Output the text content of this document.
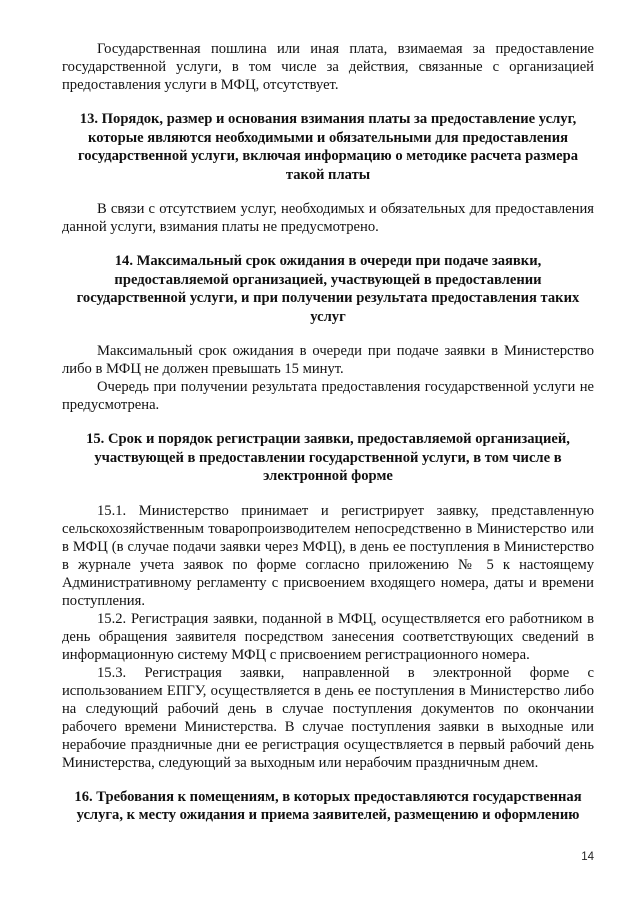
Государственная пошлина или иная плата, взимаемая за предоставление государственной услуги, в том числе за действия, связанные с организацией предоставления услуги в МФЦ, отсутствует.

13. Порядок, размер и основания взимания платы за предоставление услуг, которые являются необходимыми и обязательными для предоставления государственной услуги, включая информацию о методике расчета размера такой платы

В связи с отсутствием услуг, необходимых и обязательных для предоставления данной услуги, взимания платы не предусмотрено.

14. Максимальный срок ожидания в очереди при подаче заявки, предоставляемой организацией, участвующей в предоставлении государственной услуги, и при получении результата предоставления таких услуг

Максимальный срок ожидания в очереди при подаче заявки в Министерство либо в МФЦ не должен превышать 15 минут.

Очередь при получении результата предоставления государственной услуги не предусмотрена.

15. Срок и порядок регистрации заявки, предоставляемой организацией, участвующей в предоставлении государственной услуги, в том числе в электронной форме

15.1. Министерство принимает и регистрирует заявку, представленную сельскохозяйственным товаропроизводителем непосредственно в Министерство или в МФЦ (в случае подачи заявки через МФЦ), в день ее поступления в Министерство в журнале учета заявок по форме согласно приложению № 5 к настоящему Административному регламенту с присвоением входящего номера, даты и времени поступления.

15.2. Регистрация заявки, поданной в МФЦ, осуществляется его работником в день обращения заявителя посредством занесения соответствующих сведений в информационную систему МФЦ с присвоением регистрационного номера.

15.3. Регистрация заявки, направленной в электронной форме с использованием ЕПГУ, осуществляется в день ее поступления в Министерство либо на следующий рабочий день в случае поступления документов по окончании рабочего времени Министерства. В случае поступления заявки в выходные или нерабочие праздничные дни ее регистрация осуществляется в первый рабочий день Министерства, следующий за выходным или нерабочим праздничным днем.

16. Требования к помещениям, в которых предоставляются государственная услуга, к месту ожидания и приема заявителей, размещению и оформлению
14
